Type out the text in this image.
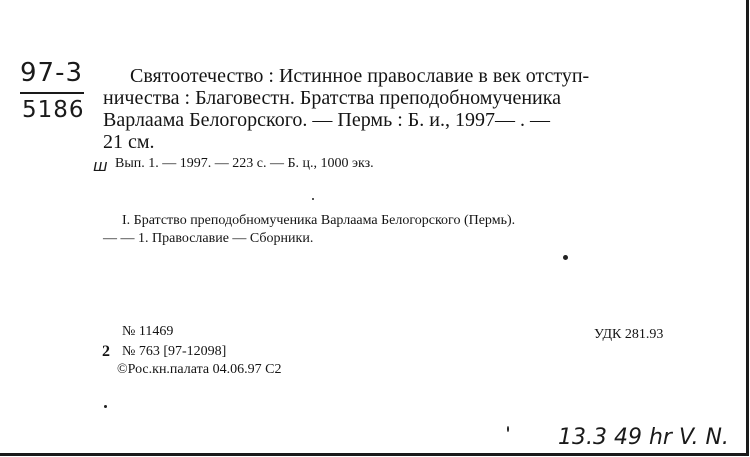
97-3
5186
Святоотечество : Истинное православие в век отступ-
ничества : Благовестн. Братства преподобномученика
Варлаама Белогорского. — Пермь : Б. и., 1997— . —
21 см.
ш Вып. 1. — 1997. — 223 с. — Б. ц., 1000 экз.
I. Братство преподобномученика Варлаама Белогорского (Пермь).
— — 1. Православие — Сборники.
№ 11469	УДК 281.93
2 № 763 [97-12098]
©Рос.кн.палата 04.06.97 С2
13.3 49 hr V. N.
